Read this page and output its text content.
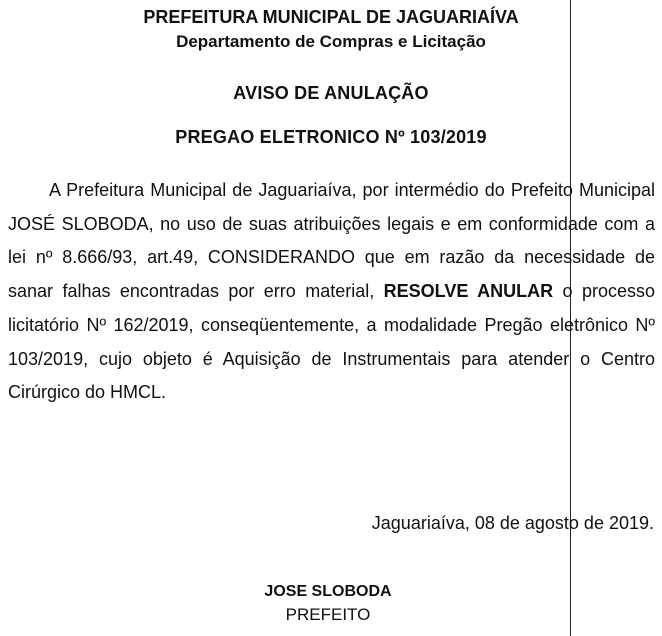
PREFEITURA MUNICIPAL DE JAGUARIAÍVA

Departamento de Compras e Licitação

AVISO DE ANULAÇÃO

PREGAO ELETRONICO Nº 103/2019

A Prefeitura Municipal de Jaguariaíva, por intermédio do Prefeito Municipal JOSÉ SLOBODA, no uso de suas atribuições legais e em conformidade com a lei nº 8.666/93, art.49, CONSIDERANDO que em razão da necessidade de sanar falhas encontradas por erro material, RESOLVE ANULAR o processo licitatório Nº 162/2019, conseqüentemente, a modalidade Pregão eletrônico Nº 103/2019, cujo objeto é Aquisição de Instrumentais para atender o Centro Cirúrgico do HMCL.

Jaguariaíva, 08 de agosto de 2019.

JOSE SLOBODA

PREFEITO
